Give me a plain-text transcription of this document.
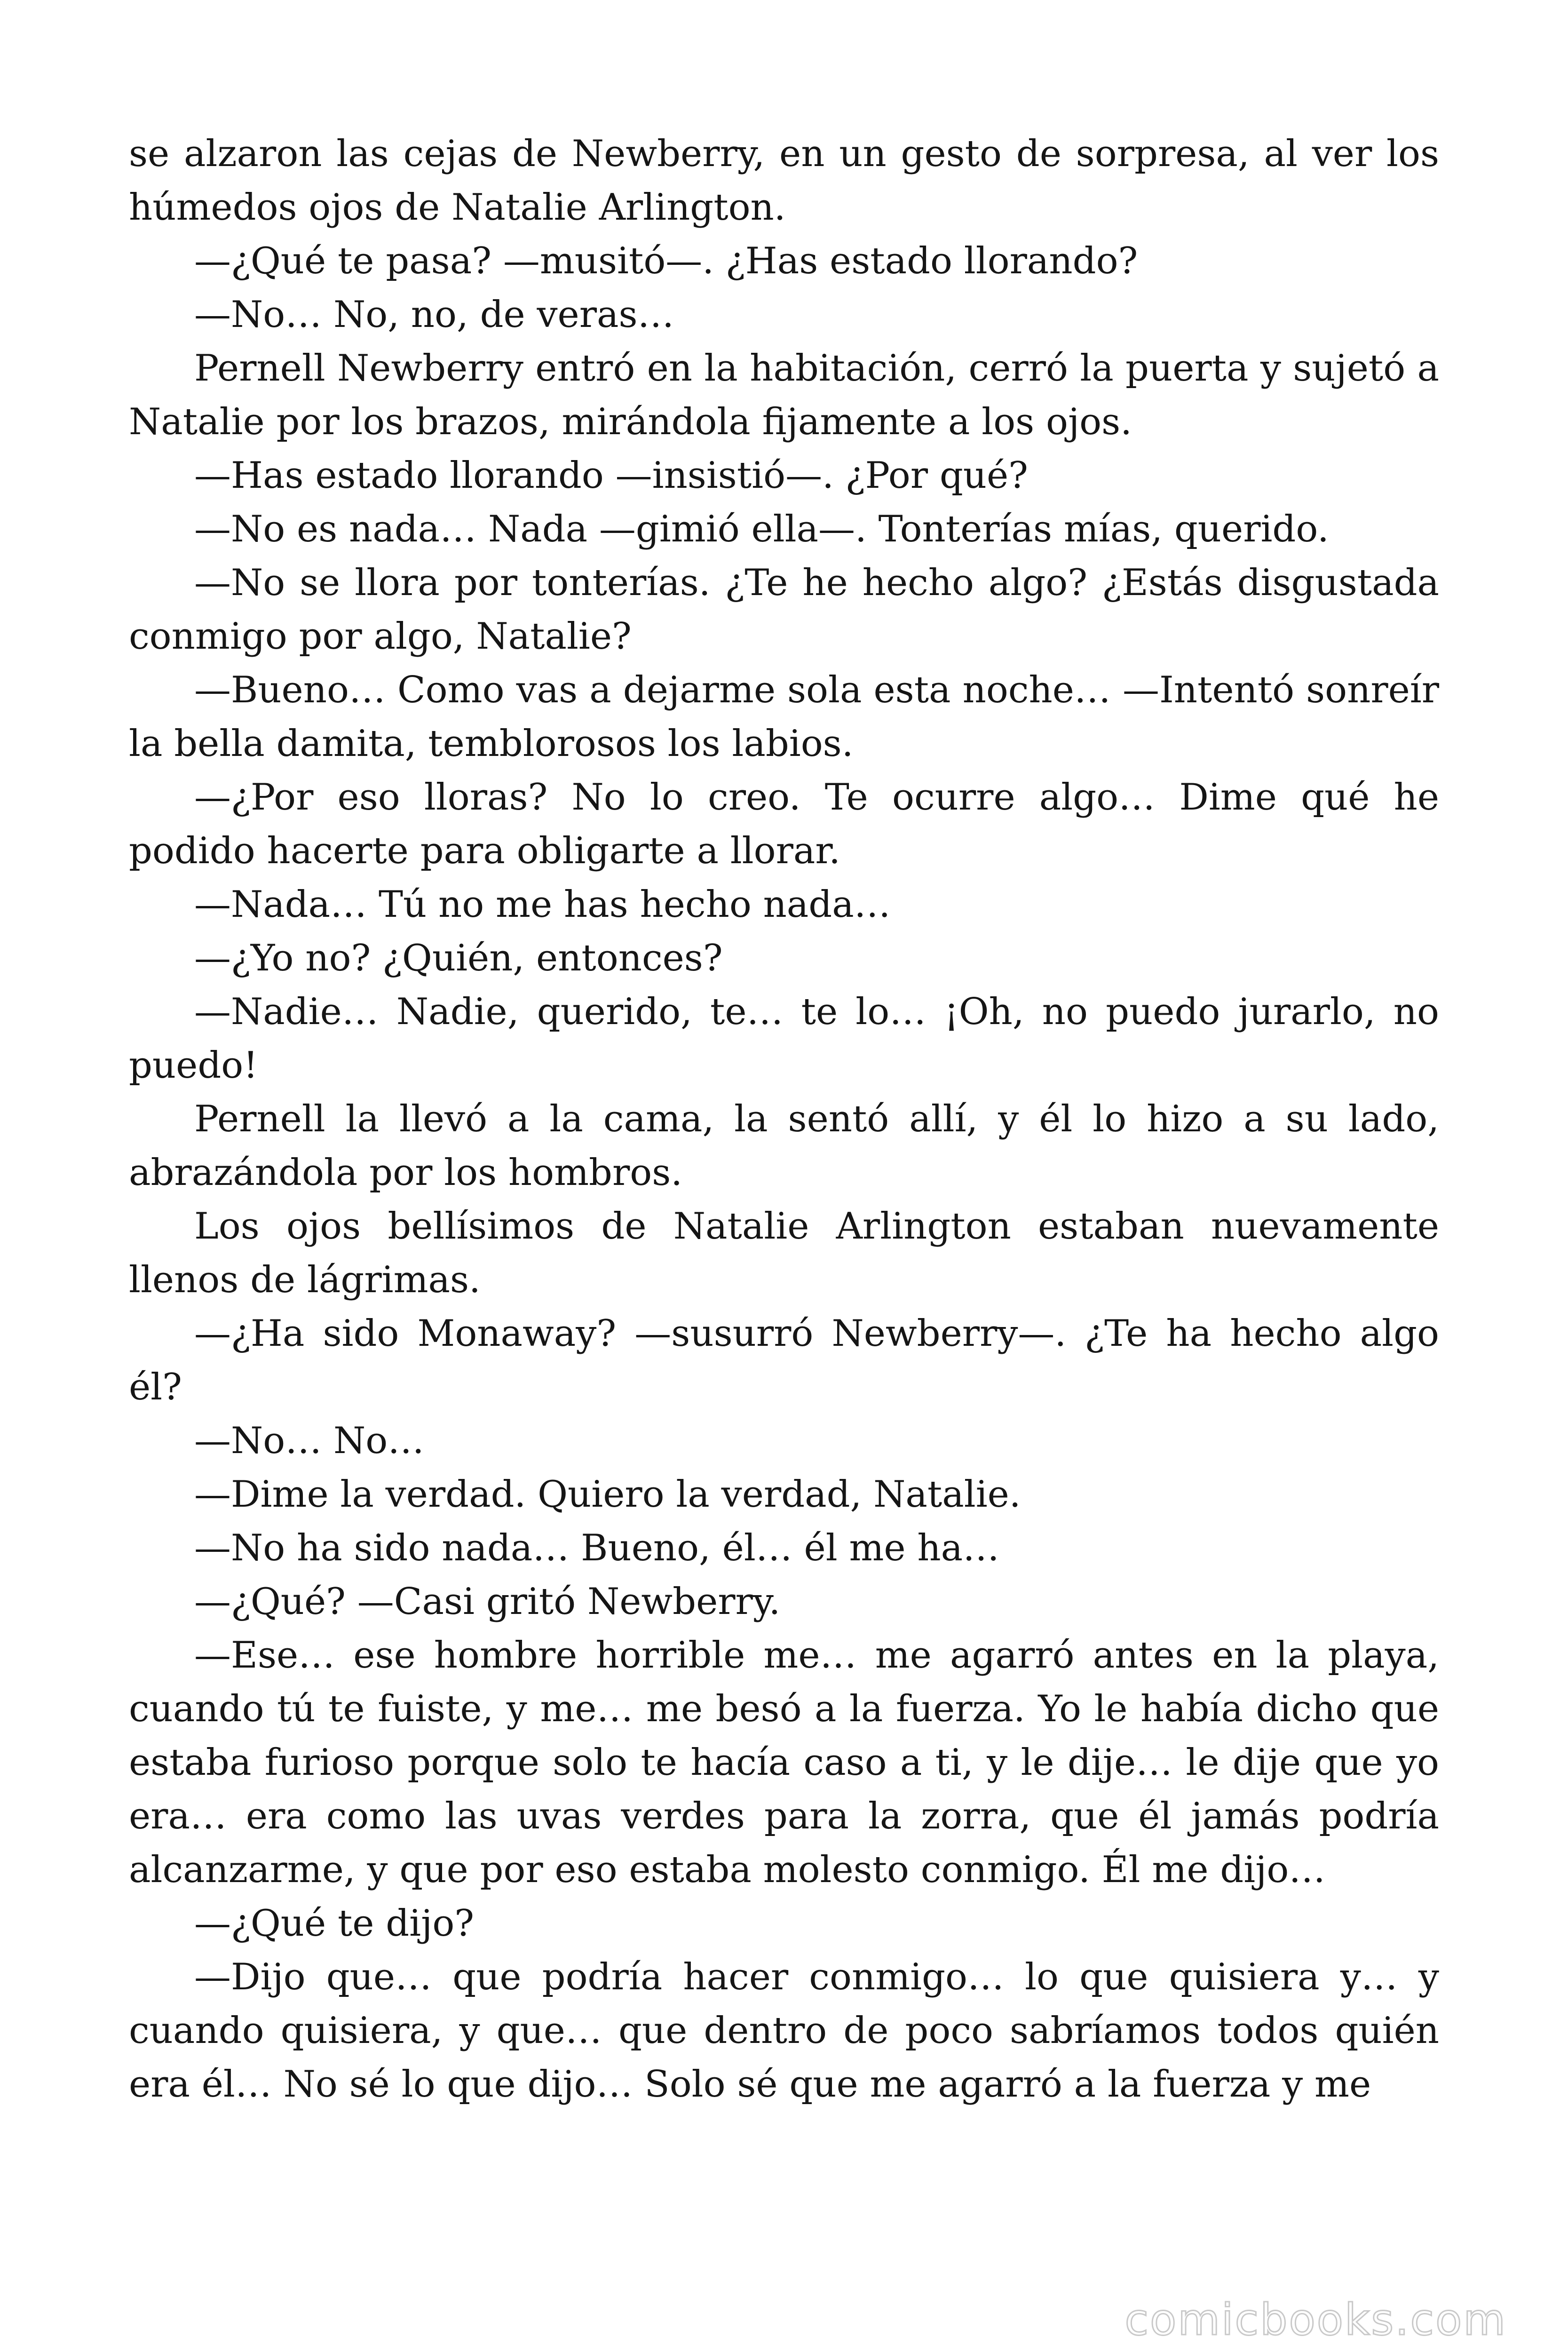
se alzaron las cejas de Newberry, en un gesto de sorpresa, al ver los húmedos ojos de Natalie Arlington.

—¿Qué te pasa? —musitó—. ¿Has estado llorando?

—No… No, no, de veras…

Pernell Newberry entró en la habitación, cerró la puerta y sujetó a Natalie por los brazos, mirándola fijamente a los ojos.

—Has estado llorando —insistió—. ¿Por qué?

—No es nada… Nada —gimió ella—. Tonterías mías, querido.

—No se llora por tonterías. ¿Te he hecho algo? ¿Estás disgustada conmigo por algo, Natalie?

—Bueno… Como vas a dejarme sola esta noche… —Intentó sonreír la bella damita, temblorosos los labios.

—¿Por eso lloras? No lo creo. Te ocurre algo… Dime qué he podido hacerte para obligarte a llorar.

—Nada… Tú no me has hecho nada…

—¿Yo no? ¿Quién, entonces?

—Nadie… Nadie, querido, te… te lo… ¡Oh, no puedo jurarlo, no puedo!

Pernell la llevó a la cama, la sentó allí, y él lo hizo a su lado, abrazándola por los hombros.

Los ojos bellísimos de Natalie Arlington estaban nuevamente llenos de lágrimas.

—¿Ha sido Monaway? —susurró Newberry—. ¿Te ha hecho algo él?

—No… No…

—Dime la verdad. Quiero la verdad, Natalie.

—No ha sido nada… Bueno, él… él me ha…

—¿Qué? —Casi gritó Newberry.

—Ese… ese hombre horrible me… me agarró antes en la playa, cuando tú te fuiste, y me… me besó a la fuerza. Yo le había dicho que estaba furioso porque solo te hacía caso a ti, y le dije… le dije que yo era… era como las uvas verdes para la zorra, que él jamás podría alcanzarme, y que por eso estaba molesto conmigo. Él me dijo…

—¿Qué te dijo?

—Dijo que… que podría hacer conmigo… lo que quisiera y… y cuando quisiera, y que… que dentro de poco sabríamos todos quién era él… No sé lo que dijo… Solo sé que me agarró a la fuerza y me

comicbooks.com
